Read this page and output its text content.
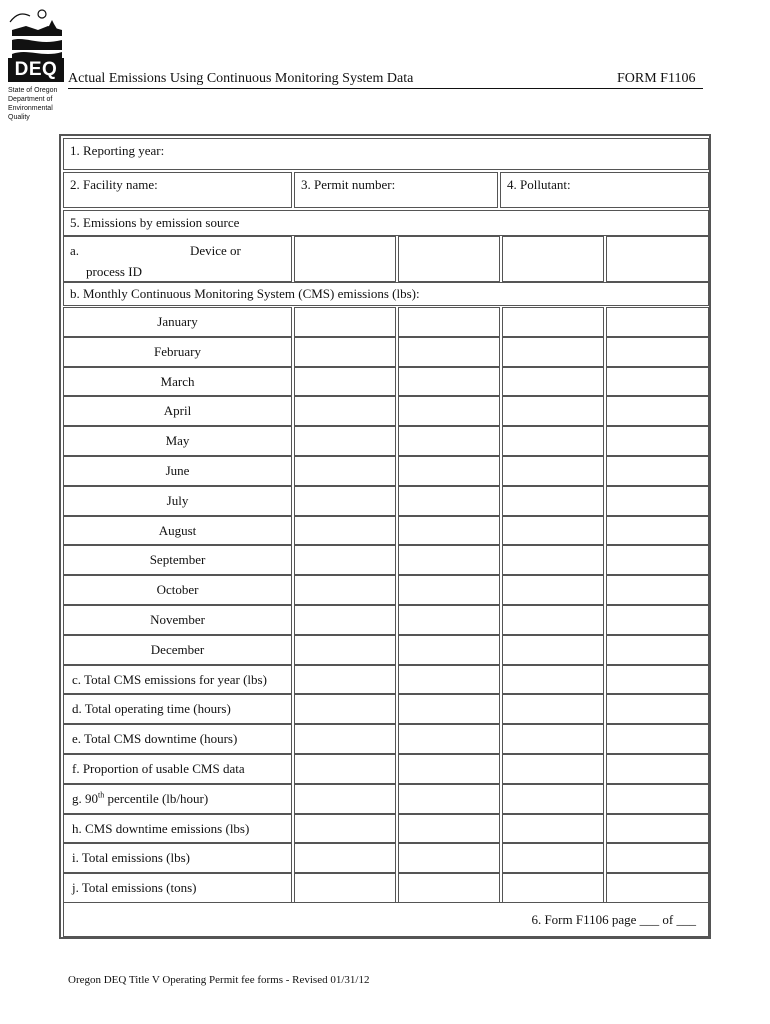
DEQ
State of Oregon
Department of
Environmental
Quality
Actual Emissions Using Continuous Monitoring System Data	FORM F1106
1. Reporting year:
2. Facility name:	3. Permit number:	4. Pollutant:
5. Emissions by emission source
a.	Device or
process ID
b. Monthly Continuous Monitoring System (CMS) emissions (lbs):
6. Form F1106 page ___ of ___
January
February
March
April
May
June
July
August
September
October
November
December
c. Total CMS emissions for year (lbs)
d. Total operating time (hours)
e. Total CMS downtime (hours)
f. Proportion of usable CMS data
g. 90th percentile (lb/hour)
h. CMS downtime emissions (lbs)
i. Total emissions (lbs)
j. Total emissions (tons)
Oregon DEQ Title V Operating Permit fee forms - Revised 01/31/12
